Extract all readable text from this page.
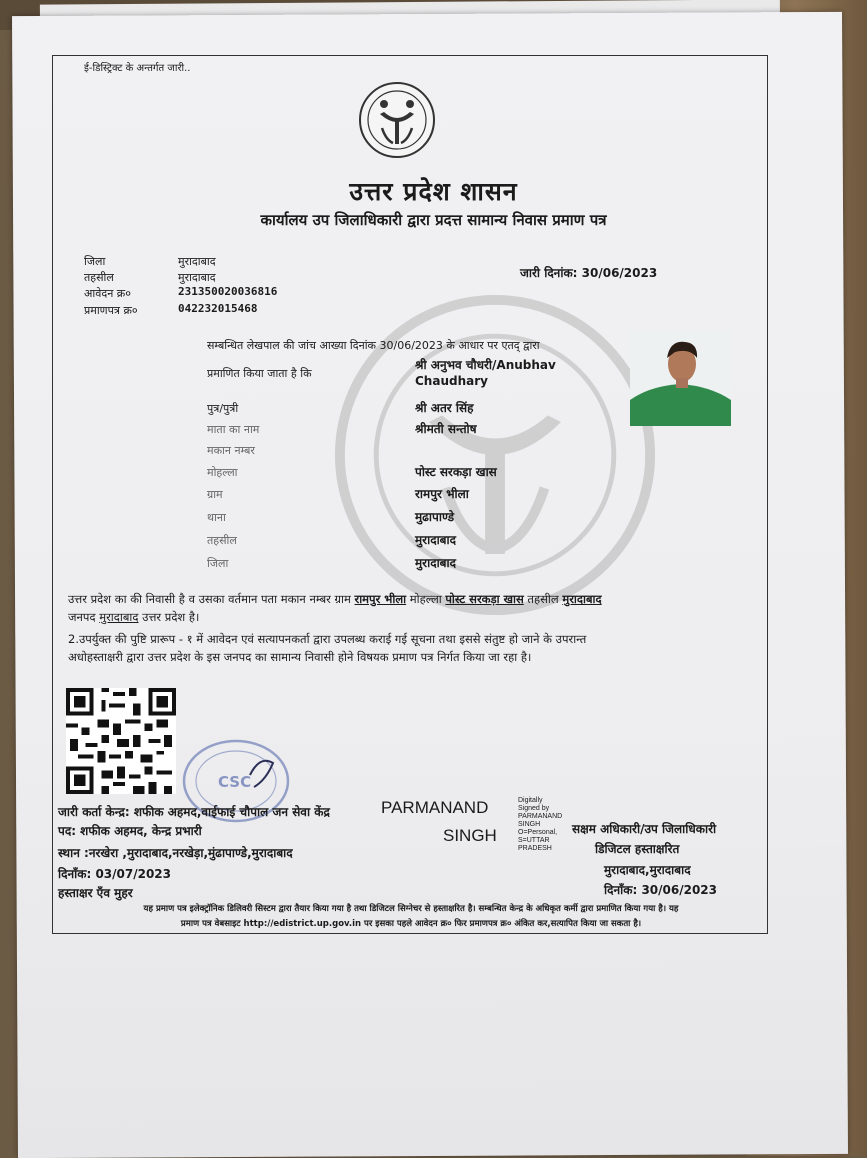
ई-डिस्ट्रिक्ट के अन्तर्गत जारी..
उत्तर प्रदेश शासन
कार्यालय उप जिलाधिकारी द्वारा प्रदत्त सामान्य निवास प्रमाण पत्र
जिला	मुरादाबाद
तहसील	मुरादाबाद
आवेदन क्र०	231350020036816
प्रमाणपत्र क्र०	042232015468
जारी दिनांक: 30/06/2023
सम्बन्धित लेखपाल की जांच आख्या दिनांक 30/06/2023 के आधार पर एतद् द्वारा
प्रमाणित किया जाता है कि
श्री अनुभव चौधरी/Anubhav
Chaudhary
पुत्र/पुत्री	श्री अतर सिंह
माता का नाम	श्रीमती सन्तोष
मकान नम्बर
मोहल्ला	पोस्ट सरकड़ा खास
ग्राम	रामपुर भीला
थाना	मुढापाण्डे
तहसील	मुरादाबाद
जिला	मुरादाबाद
उत्तर प्रदेश का की निवासी है व उसका वर्तमान पता मकान नम्बर ग्राम रामपुर भीला मोहल्ला पोस्ट सरकड़ा खास तहसील मुरादाबाद
जनपद मुरादाबाद उत्तर प्रदेश है।
2.उपर्युक्त की पुष्टि प्रारूप - १ में आवेदन एवं सत्यापनकर्ता द्वारा उपलब्ध कराई गई सूचना तथा इससे संतुष्ट हो जाने के उपरान्त
अधोहस्ताक्षरी द्वारा उत्तर प्रदेश के इस जनपद का सामान्य निवासी होने विषयक प्रमाण पत्र निर्गत किया जा रहा है।
CSC
जारी कर्ता केन्द्र: शफीक अहमद,वाईफाई चौपाल जन सेवा केंद्र
पद: शफीक अहमद, केन्द्र प्रभारी
स्थान :नरखेरा ,मुरादाबाद,नरखेड़ा,मुंढापाण्डे,मुरादाबाद
दिनाँक: 03/07/2023
हस्ताक्षर एँव मुहर
PARMANAND
SINGH
Digitally
Signed by
PARMANAND
SINGH
O=Personal,
S=UTTAR
PRADESH
सक्षम अधिकारी/उप जिलाधिकारी
डिजिटल हस्ताक्षरित
मुरादाबाद,मुरादाबाद
दिनाँक: 30/06/2023
यह प्रमाण पत्र इलेक्ट्रॉनिक डिलिवरी सिस्टम द्वारा तैयार किया गया है तथा डिजिटल सिग्नेचर से हस्ताक्षरित है। सम्बन्धित केन्द्र के अधिकृत कर्मी द्वारा प्रमाणित किया गया है। यह
प्रमाण पत्र वेबसाइट http://edistrict.up.gov.in पर इसका पहले आवेदन क्र० फिर प्रमाणपत्र क्र० अंकित कर,सत्यापित किया जा सकता है।
